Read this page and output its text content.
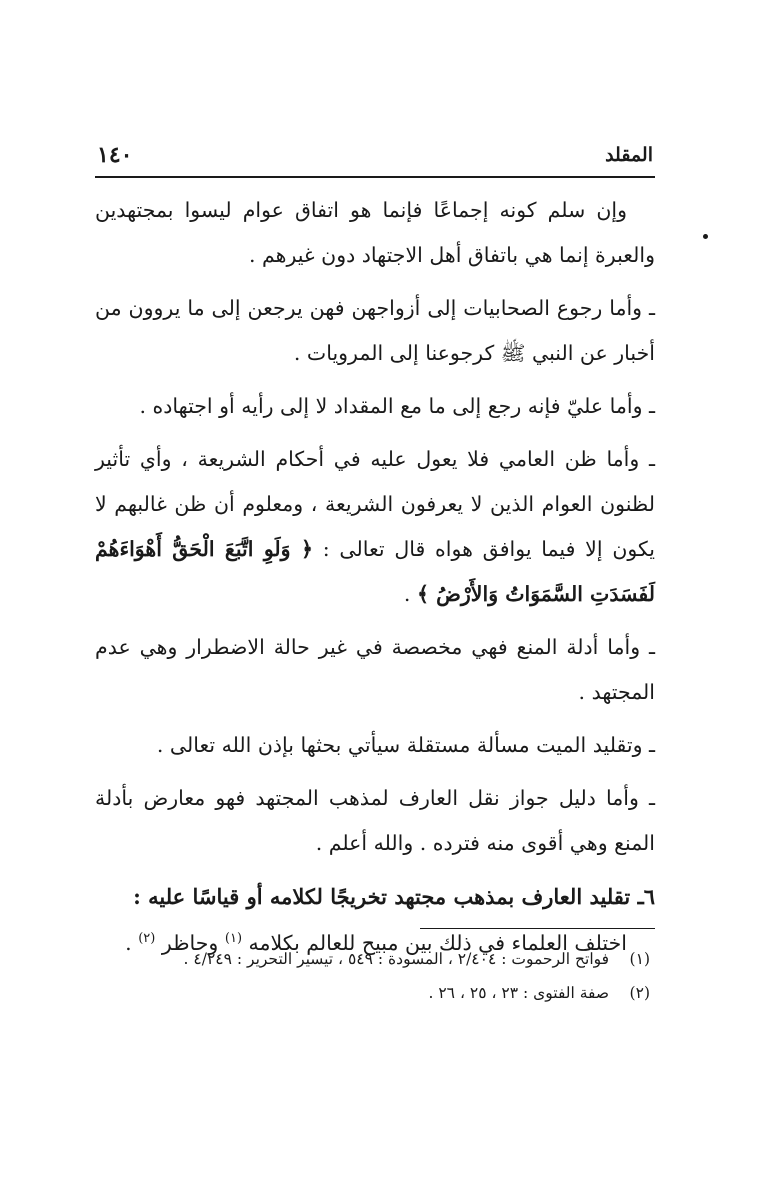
المقلد
١٤٠

وإن سلم كونه إجماعًا فإنما هو اتفاق عوام ليسوا بمجتهدين والعبرة إنما هي باتفاق أهل الاجتهاد دون غيرهم .

ـ وأما رجوع الصحابيات إلى أزواجهن فهن يرجعن إلى ما يروون من أخبار عن النبي ﷺ كرجوعنا إلى المرويات .

ـ وأما عليّ فإنه رجع إلى ما مع المقداد لا إلى رأيه أو اجتهاده .

ـ وأما ظن العامي فلا يعول عليه في أحكام الشريعة ، وأي تأثير لظنون العوام الذين لا يعرفون الشريعة ، ومعلوم أن ظن غالبهم لا يكون إلا فيما يوافق هواه قال تعالى : ﴿ وَلَوِ اتَّبَعَ الْحَقُّ أَهْوَاءَهُمْ لَفَسَدَتِ السَّمَوَاتُ وَالأَرْضُ ﴾ .

ـ وأما أدلة المنع فهي مخصصة في غير حالة الاضطرار وهي عدم المجتهد .

ـ وتقليد الميت مسألة مستقلة سيأتي بحثها بإذن الله تعالى .

ـ وأما دليل جواز نقل العارف لمذهب المجتهد فهو معارض بأدلة المنع وهي أقوى منه فترده . والله أعلم .

٦ـ تقليد العارف بمذهب مجتهد تخريجًا لكلامه أو قياسًا عليه :

اختلف العلماء في ذلك بين مبيح للعالم بكلامه $^{(١)}$ وحاظر $^{(٢)}$ .

(١) فواتح الرحموت : ٢/٤٠٤ ، المسودة : ٥٤٩ ، تيسير التحرير : ٤/٢٤٩ .

(٢) صفة الفتوى : ٢٣ ، ٢٥ ، ٢٦ .
